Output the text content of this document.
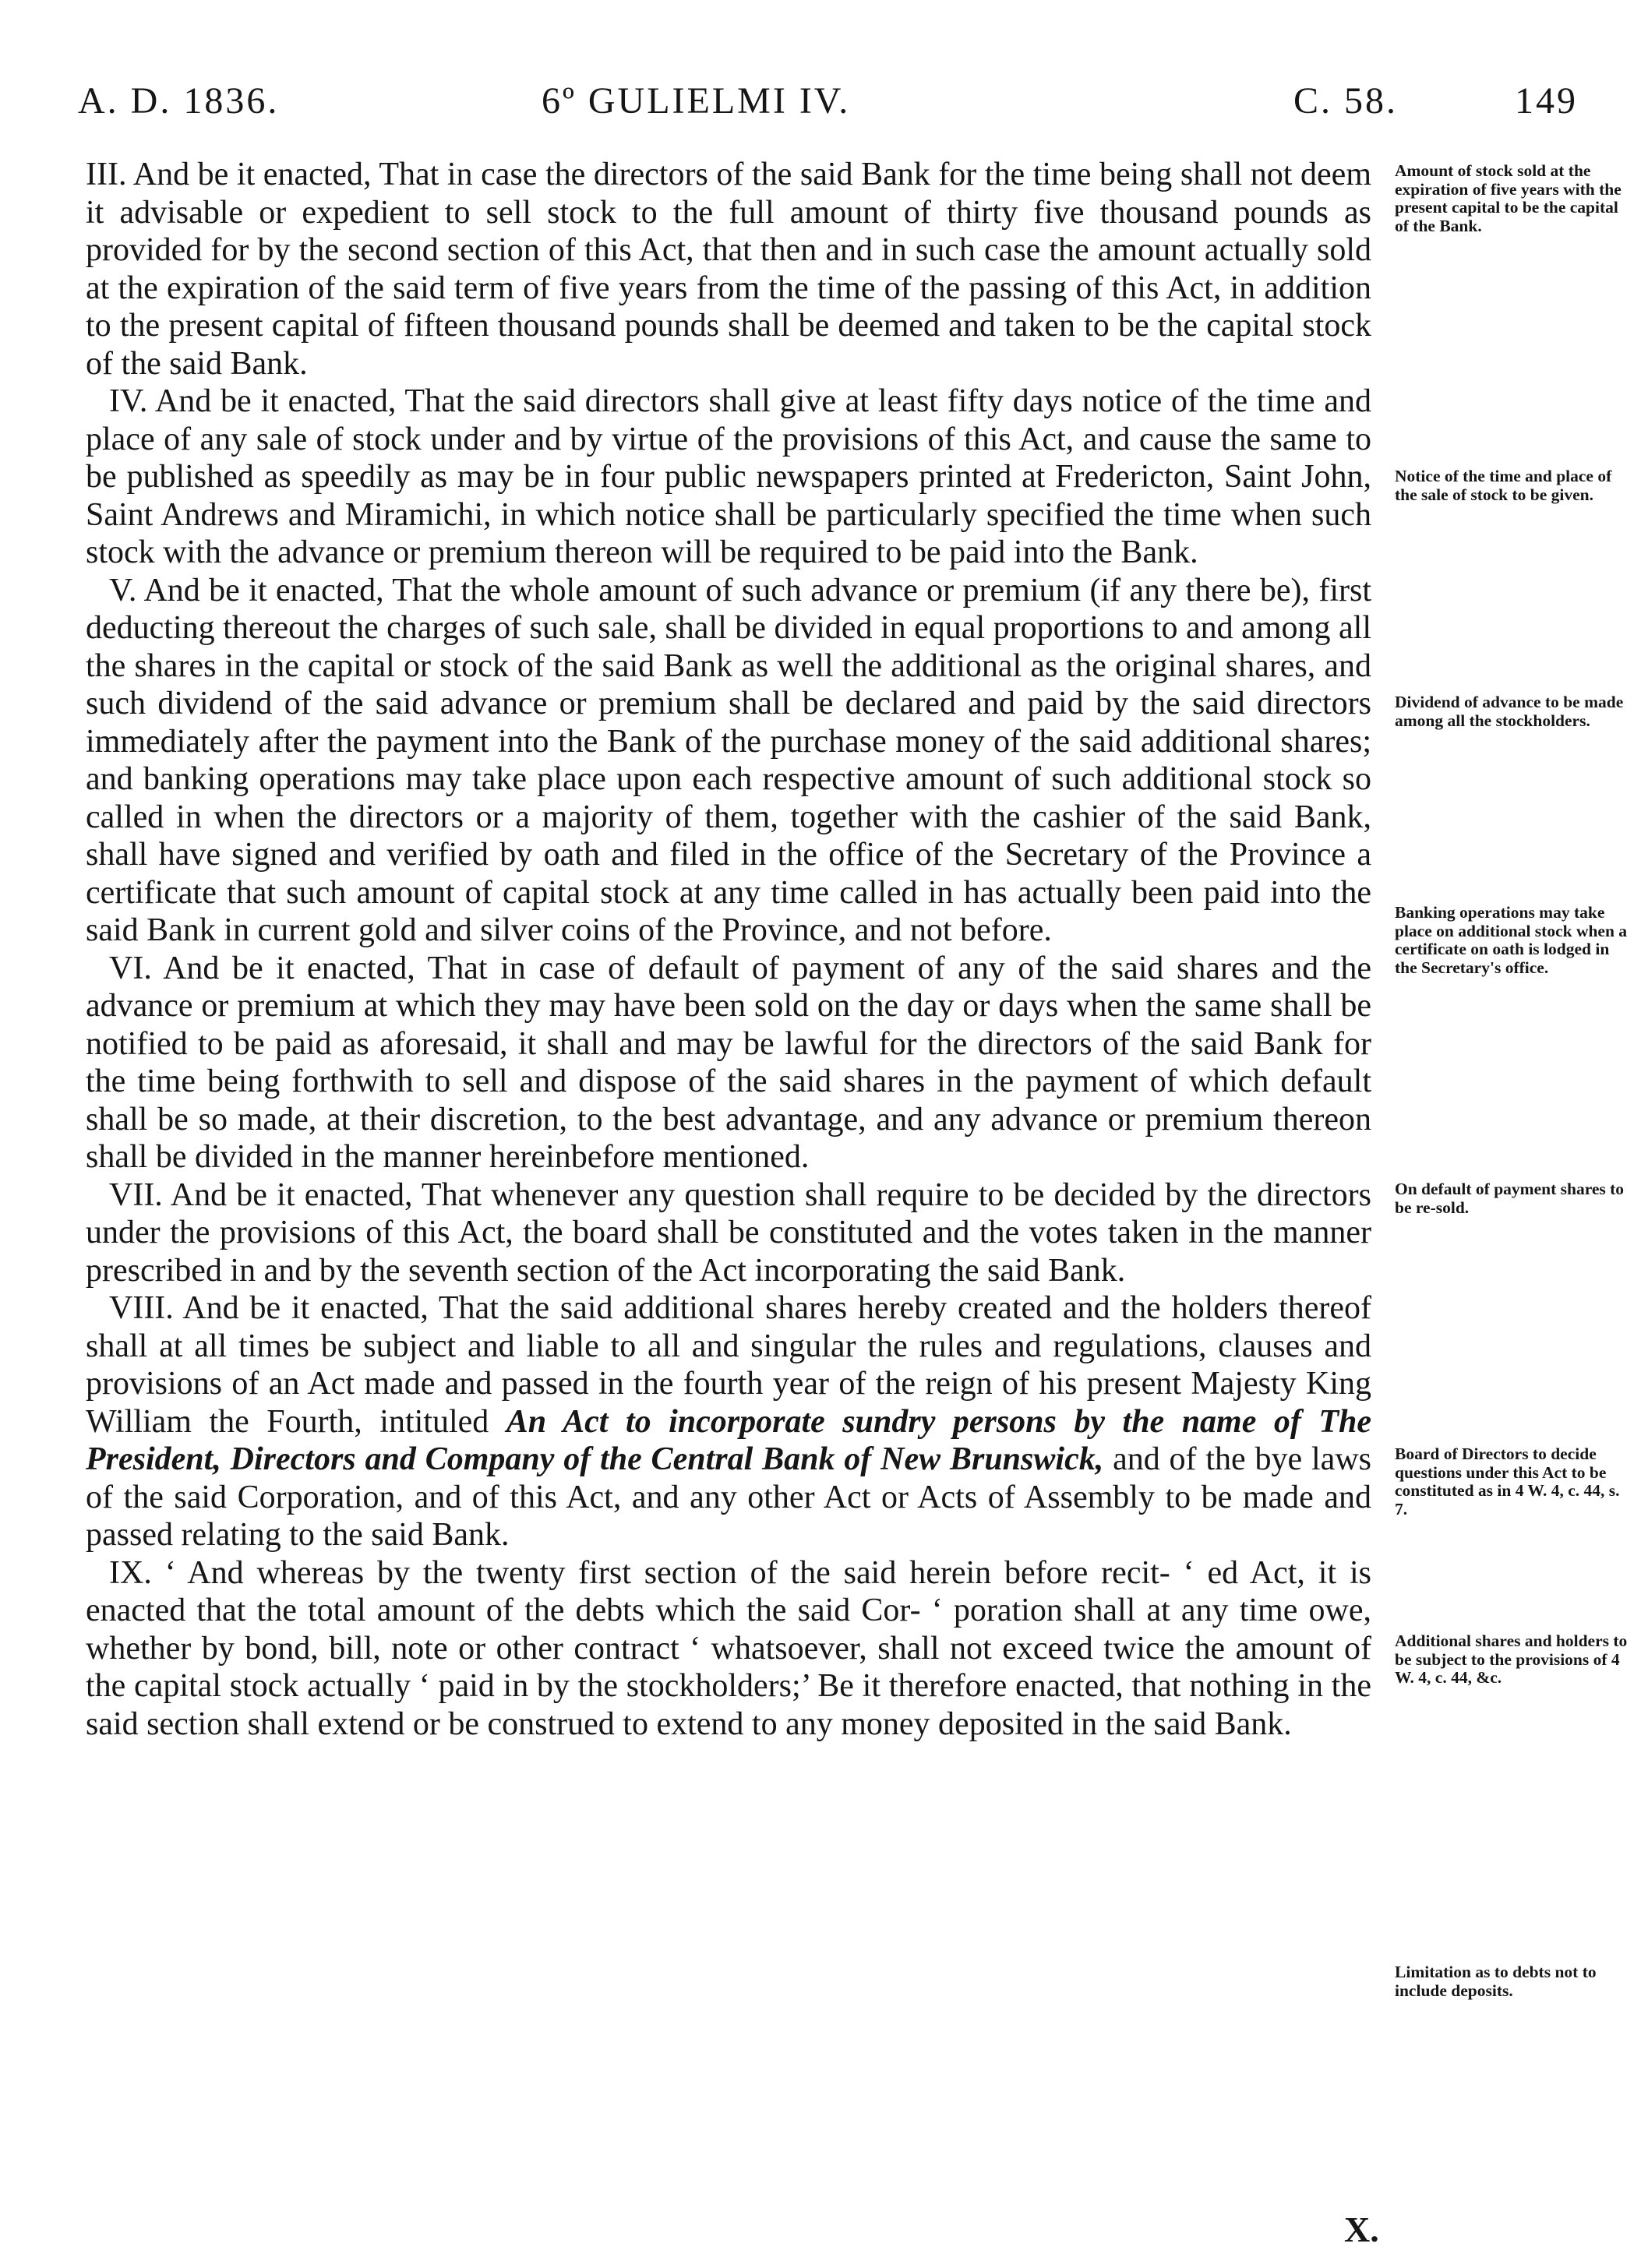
A. D. 1836.	6º GULIELMI IV.	C. 58.	149

III. And be it enacted, That in case the directors of the said Bank for the time being shall not deem it advisable or expedient to sell stock to the full amount of thirty five thousand pounds as provided for by the second section of this Act, that then and in such case the amount actually sold at the expiration of the said term of five years from the time of the passing of this Act, in addition to the present capital of fifteen thousand pounds shall be deemed and taken to be the capital stock of the said Bank.

IV. And be it enacted, That the said directors shall give at least fifty days notice of the time and place of any sale of stock under and by virtue of the provisions of this Act, and cause the same to be published as speedily as may be in four public newspapers printed at Fredericton, Saint John, Saint Andrews and Miramichi, in which notice shall be particularly specified the time when such stock with the advance or premium thereon will be required to be paid into the Bank.

V. And be it enacted, That the whole amount of such advance or premium (if any there be), first deducting thereout the charges of such sale, shall be divided in equal proportions to and among all the shares in the capital or stock of the said Bank as well the additional as the original shares, and such dividend of the said advance or premium shall be declared and paid by the said directors immediately after the payment into the Bank of the purchase money of the said additional shares; and banking operations may take place upon each respective amount of such additional stock so called in when the directors or a majority of them, together with the cashier of the said Bank, shall have signed and verified by oath and filed in the office of the Secretary of the Province a certificate that such amount of capital stock at any time called in has actually been paid into the said Bank in current gold and silver coins of the Province, and not before.

VI. And be it enacted, That in case of default of payment of any of the said shares and the advance or premium at which they may have been sold on the day or days when the same shall be notified to be paid as aforesaid, it shall and may be lawful for the directors of the said Bank for the time being forthwith to sell and dispose of the said shares in the payment of which default shall be so made, at their discretion, to the best advantage, and any advance or premium thereon shall be divided in the manner hereinbefore mentioned.

VII. And be it enacted, That whenever any question shall require to be decided by the directors under the provisions of this Act, the board shall be constituted and the votes taken in the manner prescribed in and by the seventh section of the Act incorporating the said Bank.

VIII. And be it enacted, That the said additional shares hereby created and the holders thereof shall at all times be subject and liable to all and singular the rules and regulations, clauses and provisions of an Act made and passed in the fourth year of the reign of his present Majesty King William the Fourth, intituled An Act to incorporate sundry persons by the name of The President, Directors and Company of the Central Bank of New Brunswick, and of the bye laws of the said Corporation, and of this Act, and any other Act or Acts of Assembly to be made and passed relating to the said Bank.

IX. ‘ And whereas by the twenty first section of the said herein before recit- ‘ ed Act, it is enacted that the total amount of the debts which the said Cor- ‘ poration shall at any time owe, whether by bond, bill, note or other contract ‘ whatsoever, shall not exceed twice the amount of the capital stock actually ‘ paid in by the stockholders;’ Be it therefore enacted, that nothing in the said section shall extend or be construed to extend to any money deposited in the said Bank.

Amount of stock sold at the expiration of five years with the present capital to be the capital of the Bank.
Notice of the time and place of the sale of stock to be given.
Dividend of advance to be made among all the stockholders.
Banking operations may take place on additional stock when a certificate on oath is lodged in the Secretary's office.
On default of payment shares to be re-sold.
Board of Directors to decide questions under this Act to be constituted as in 4 W. 4, c. 44, s. 7.
Additional shares and holders to be subject to the provisions of 4 W. 4, c. 44, &c.
Limitation as to debts not to include deposits.
X.
